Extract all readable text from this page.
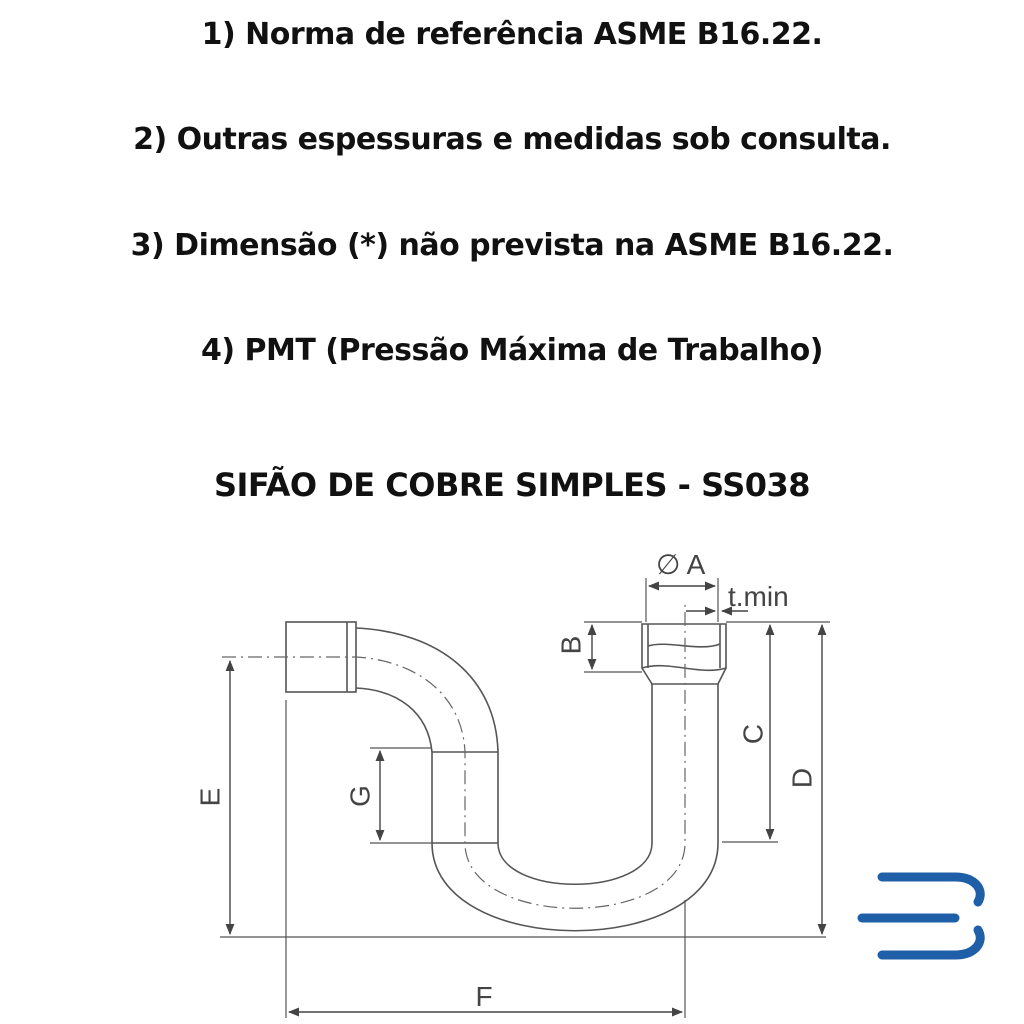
1) Norma de referência ASME B16.22.

2) Outras espessuras e medidas sob consulta.

3) Dimensão (*) não prevista na ASME B16.22.

4) PMT (Pressão Máxima de Trabalho)

SIFÃO DE COBRE SIMPLES - SS038

∅ A
t.min
E	G
B
C
D
F
